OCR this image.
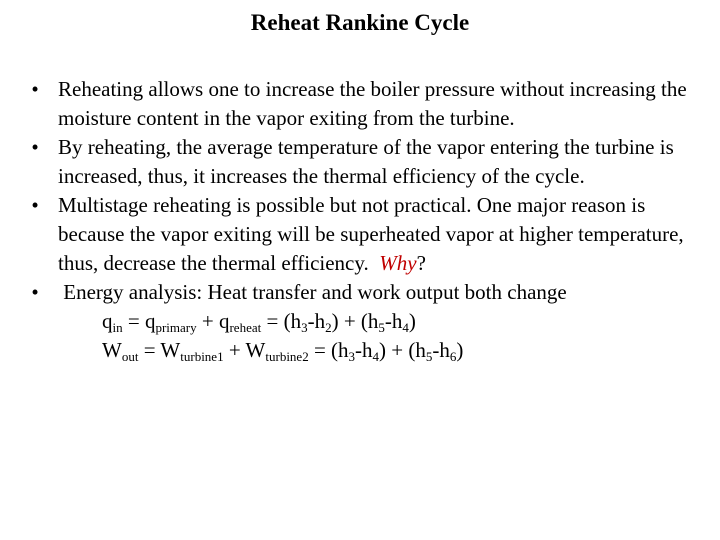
Reheat Rankine Cycle
• Reheating allows one to increase the boiler pressure without increasing the moisture content in the vapor exiting from the turbine.
• By reheating, the average temperature of the vapor entering the turbine is increased, thus, it increases the thermal efficiency of the cycle.
• Multistage reheating is possible but not practical. One major reason is because the vapor exiting will be superheated vapor at higher temperature, thus, decrease the thermal efficiency. Why?
• Energy analysis: Heat transfer and work output both change
$q_{in} = q_{primary} + q_{reheat} = (h_3-h_2) + (h_5-h_4)$
$W_{out} = W_{turbine1} + W_{turbine2} = (h_3-h_4) + (h_5-h_6)$
